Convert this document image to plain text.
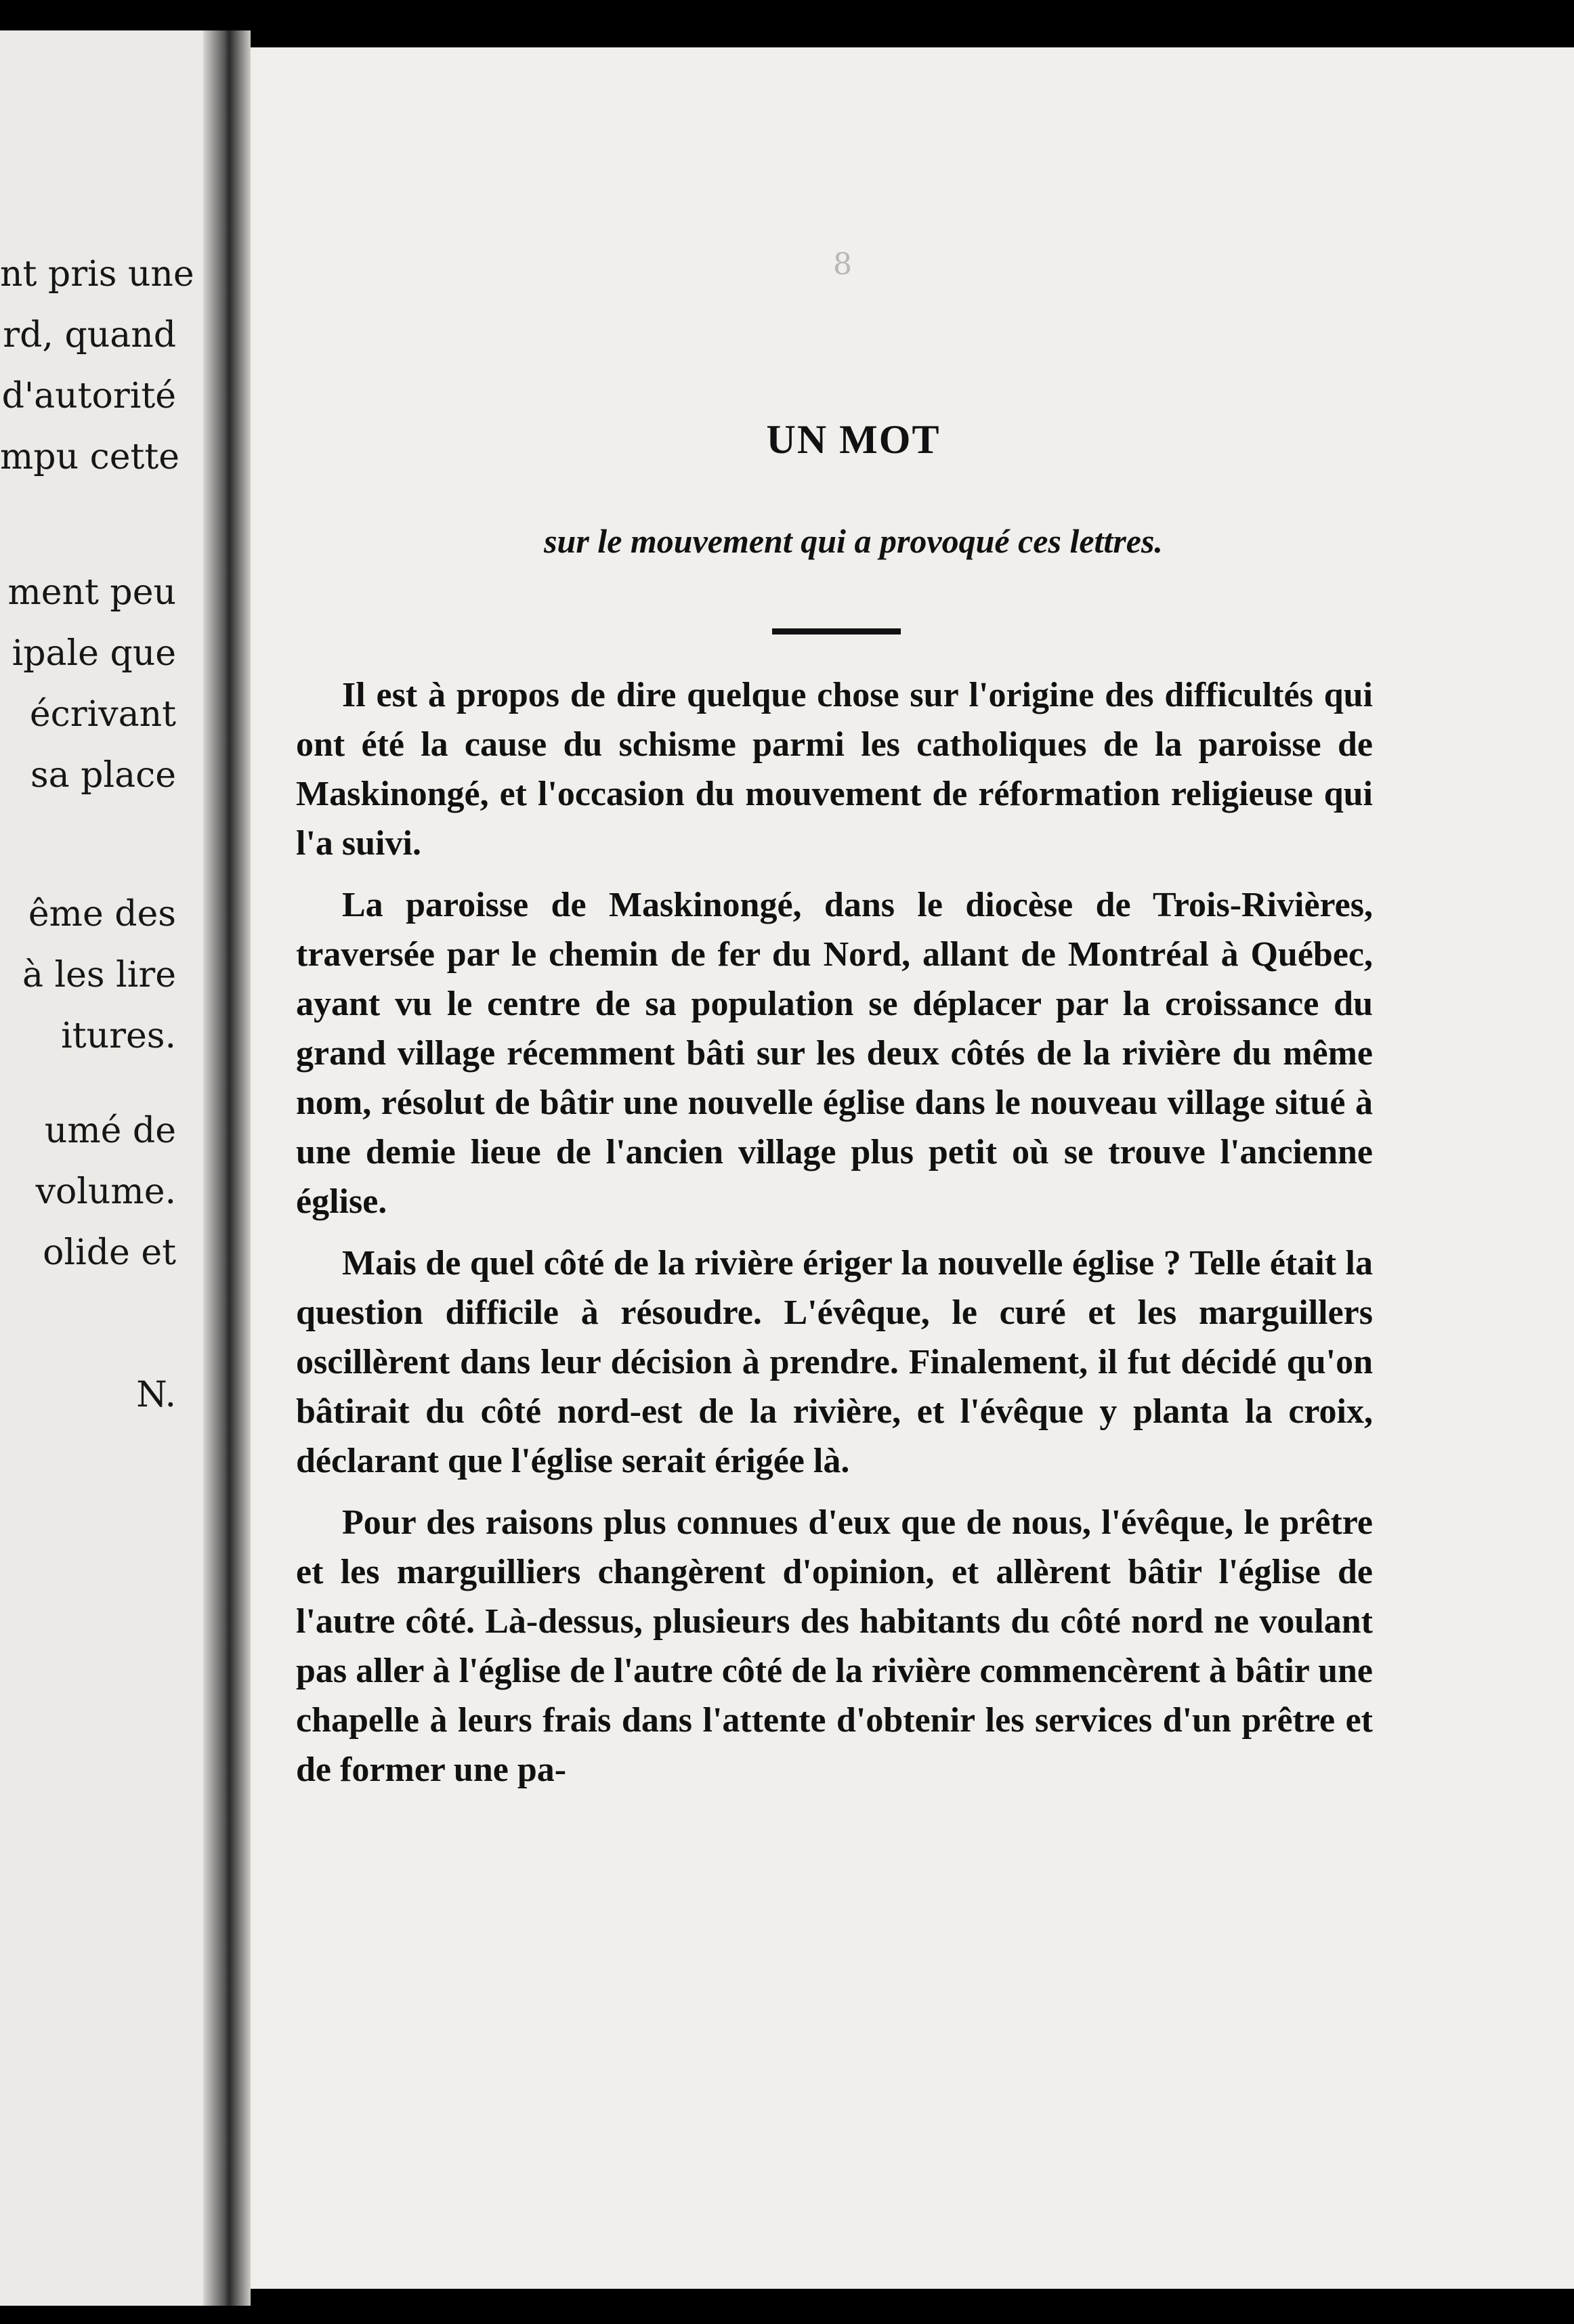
nt pris une
rd, quand
d'autorité
mpu cette
ment peu
ipale que
écrivant
sa place
ême des
à les lire
itures.
umé de
volume.
olide et
N.
8
UN MOT
sur le mouvement qui a provoqué ces lettres.

Il est à propos de dire quelque chose sur l'origine des difficultés qui ont été la cause du schisme parmi les catholiques de la paroisse de Maskinongé, et l'occasion du mouvement de réformation religieuse qui l'a suivi.

La paroisse de Maskinongé, dans le diocèse de Trois-Rivières, traversée par le chemin de fer du Nord, allant de Montréal à Québec, ayant vu le centre de sa population se déplacer par la croissance du grand village récemment bâti sur les deux côtés de la rivière du même nom, résolut de bâtir une nouvelle église dans le nouveau village situé à une demie lieue de l'ancien village plus petit où se trouve l'ancienne église.

Mais de quel côté de la rivière ériger la nouvelle église ? Telle était la question difficile à résoudre. L'évêque, le curé et les marguillers oscillèrent dans leur décision à prendre. Finalement, il fut décidé qu'on bâtirait du côté nord-est de la rivière, et l'évêque y planta la croix, déclarant que l'église serait érigée là.

Pour des raisons plus connues d'eux que de nous, l'évêque, le prêtre et les marguilliers changèrent d'opinion, et allèrent bâtir l'église de l'autre côté. Là-dessus, plusieurs des habitants du côté nord ne voulant pas aller à l'église de l'autre côté de la rivière commencèrent à bâtir une chapelle à leurs frais dans l'attente d'obtenir les services d'un prêtre et de former une pa-
